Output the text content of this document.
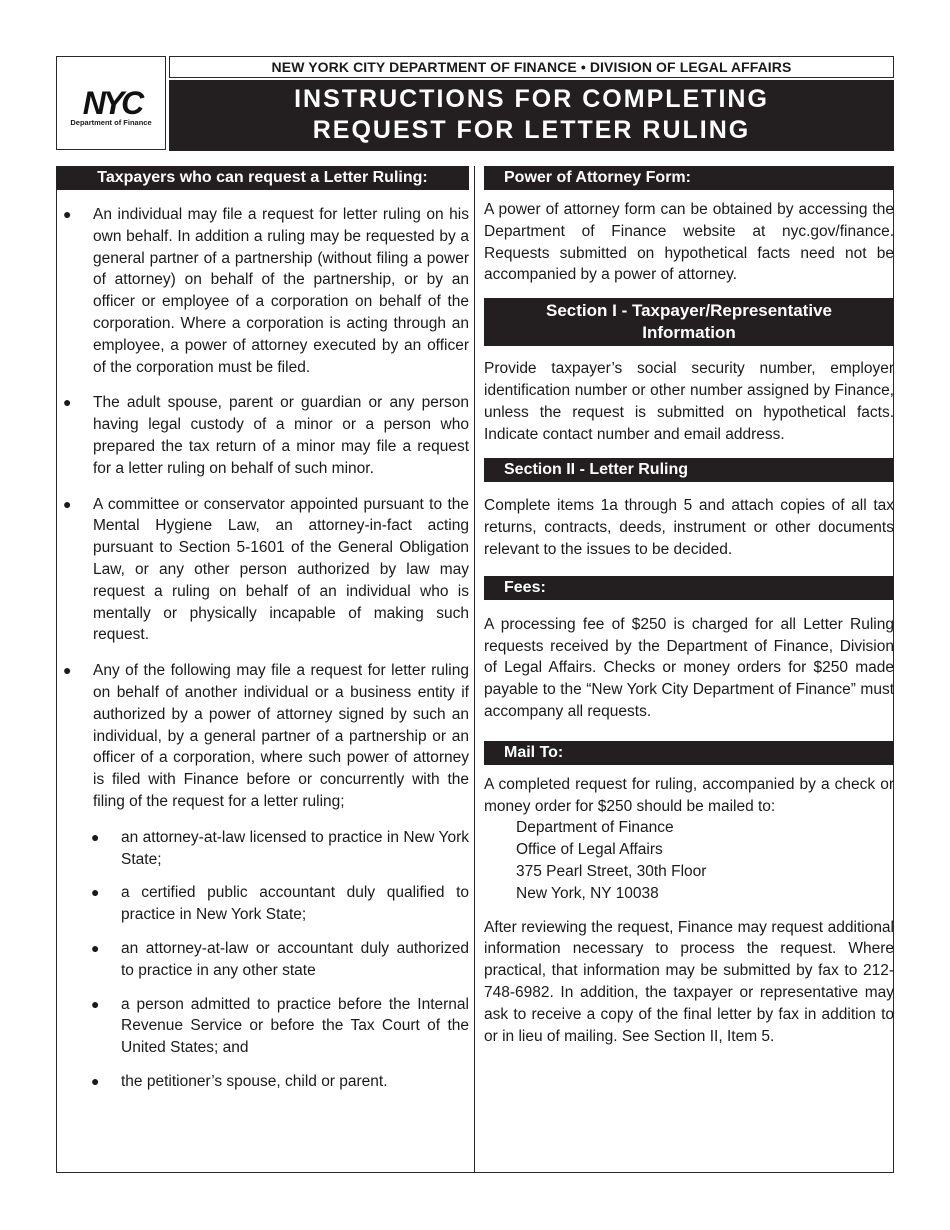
NYC
Department of Finance
NEW YORK CITY DEPARTMENT OF FINANCE • DIVISION OF LEGAL AFFAIRS
INSTRUCTIONS FOR COMPLETING
REQUEST FOR LETTER RULING
Taxpayers who can request a Letter Ruling:
● An individual may file a request for letter ruling on his own behalf. In addition a ruling may be requested by a general partner of a partnership (without filing a power of attorney) on behalf of the partnership, or by an officer or employee of a corporation on behalf of the corporation. Where a corporation is acting through an employee, a power of attorney executed by an officer of the corporation must be filed.
● The adult spouse, parent or guardian or any person having legal custody of a minor or a person who prepared the tax return of a minor may file a request for a letter ruling on behalf of such minor.
● A committee or conservator appointed pursuant to the Mental Hygiene Law, an attorney-in-fact acting pursuant to Section 5-1601 of the General Obligation Law, or any other person authorized by law may request a ruling on behalf of an individual who is mentally or physically incapable of making such request.
● Any of the following may file a request for letter ruling on behalf of another individual or a business entity if authorized by a power of attorney signed by such an individual, by a general partner of a partnership or an officer of a corporation, where such power of attorney is filed with Finance before or concurrently with the filing of the request for a letter ruling;
● an attorney-at-law licensed to practice in New York State;
● a certified public accountant duly qualified to practice in New York State;
● an attorney-at-law or accountant duly authorized to practice in any other state
● a person admitted to practice before the Internal Revenue Service or before the Tax Court of the United States; and
● the petitioner’s spouse, child or parent.
Power of Attorney Form:

A power of attorney form can be obtained by accessing the Department of Finance website at nyc.gov/finance. Requests submitted on hypothetical facts need not be accompanied by a power of attorney.

Section I - Taxpayer/Representative
Information

Provide taxpayer’s social security number, employer identification number or other number assigned by Finance, unless the request is submitted on hypothetical facts. Indicate contact number and email address.

Section II - Letter Ruling

Complete items 1a through 5 and attach copies of all tax returns, contracts, deeds, instrument or other documents relevant to the issues to be decided.

Fees:

A processing fee of $250 is charged for all Letter Ruling requests received by the Department of Finance, Division of Legal Affairs. Checks or money orders for $250 made payable to the “New York City Department of Finance” must accompany all requests.

Mail To:

A completed request for ruling, accompanied by a check or money order for $250 should be mailed to:

Department of Finance
Office of Legal Affairs
375 Pearl Street, 30th Floor
New York, NY 10038

After reviewing the request, Finance may request additional information necessary to process the request. Where practical, that information may be submitted by fax to 212-748-6982. In addition, the taxpayer or representative may ask to receive a copy of the final letter by fax in addition to or in lieu of mailing. See Section II, Item 5.
